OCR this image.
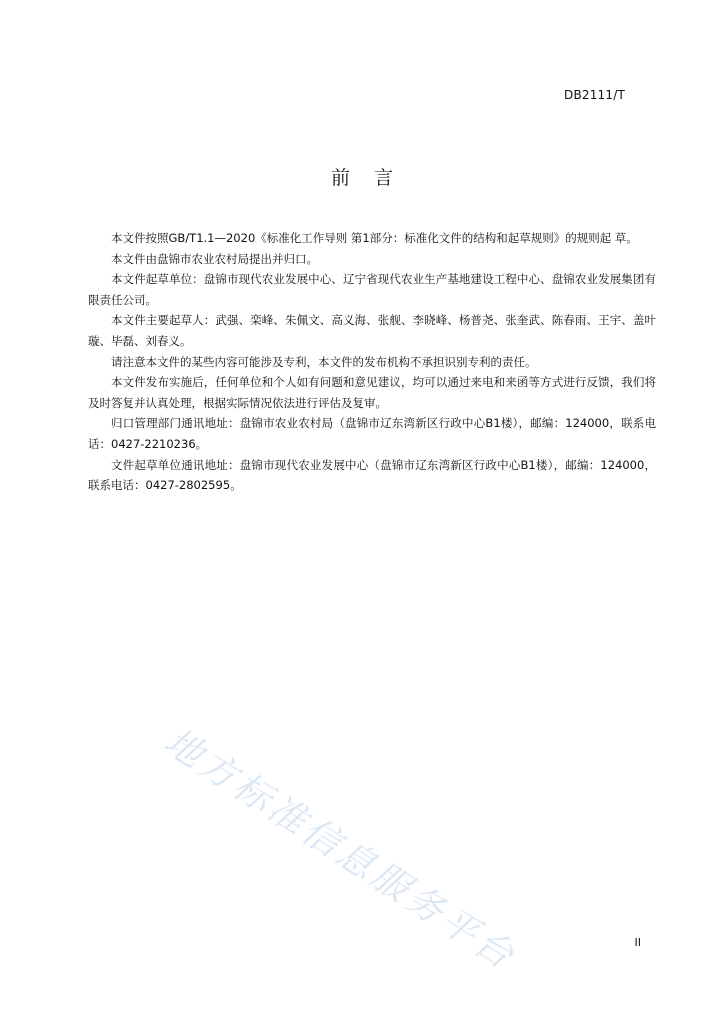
DB2111/T
前言

本文件按照GB/T1.1—2020《标准化工作导则 第1部分：标准化文件的结构和起草规则》的规则起 草。

本文件由盘锦市农业农村局提出并归口。

本文件起草单位：盘锦市现代农业发展中心、辽宁省现代农业生产基地建设工程中心、盘锦农业发展集团有限责任公司。

本文件主要起草人：武强、栾峰、朱佩文、高义海、张舰、李晓峰、杨普尧、张奎武、陈春雨、王宇、盖叶璇、毕磊、刘春义。

请注意本文件的某些内容可能涉及专利，本文件的发布机构不承担识别专利的责任。

本文件发布实施后，任何单位和个人如有问题和意见建议，均可以通过来电和来函等方式进行反馈，我们将及时答复并认真处理，根据实际情况依法进行评估及复审。

归口管理部门通讯地址：盘锦市农业农村局（盘锦市辽东湾新区行政中心B1楼），邮编：124000，联系电话：0427-2210236。

文件起草单位通讯地址：盘锦市现代农业发展中心（盘锦市辽东湾新区行政中心B1楼），邮编：124000，联系电话：0427-2802595。

地方标准信息服务平台	II
